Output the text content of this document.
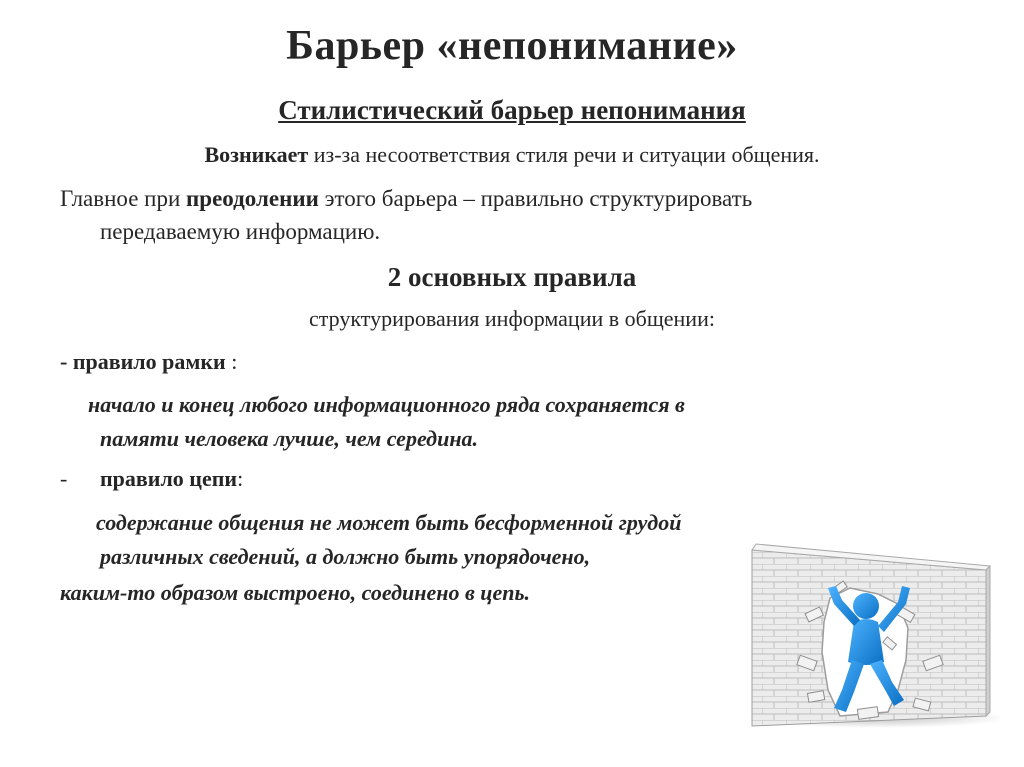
Барьер «непонимание»
Стилистический барьер непонимания
Возникает из-за несоответствия стиля речи и ситуации общения.
Главное при преодолении этого барьера – правильно структурировать
передаваемую информацию.
2 основных правила
структурирования информации в общении:
- правило рамки :
начало и конец любого информационного ряда сохраняется в
памяти человека лучше, чем середина.
- правило цепи:
содержание общения не может быть бесформенной грудой
различных сведений, а должно быть упорядочено,
каким-то образом выстроено, соединено в цепь.
